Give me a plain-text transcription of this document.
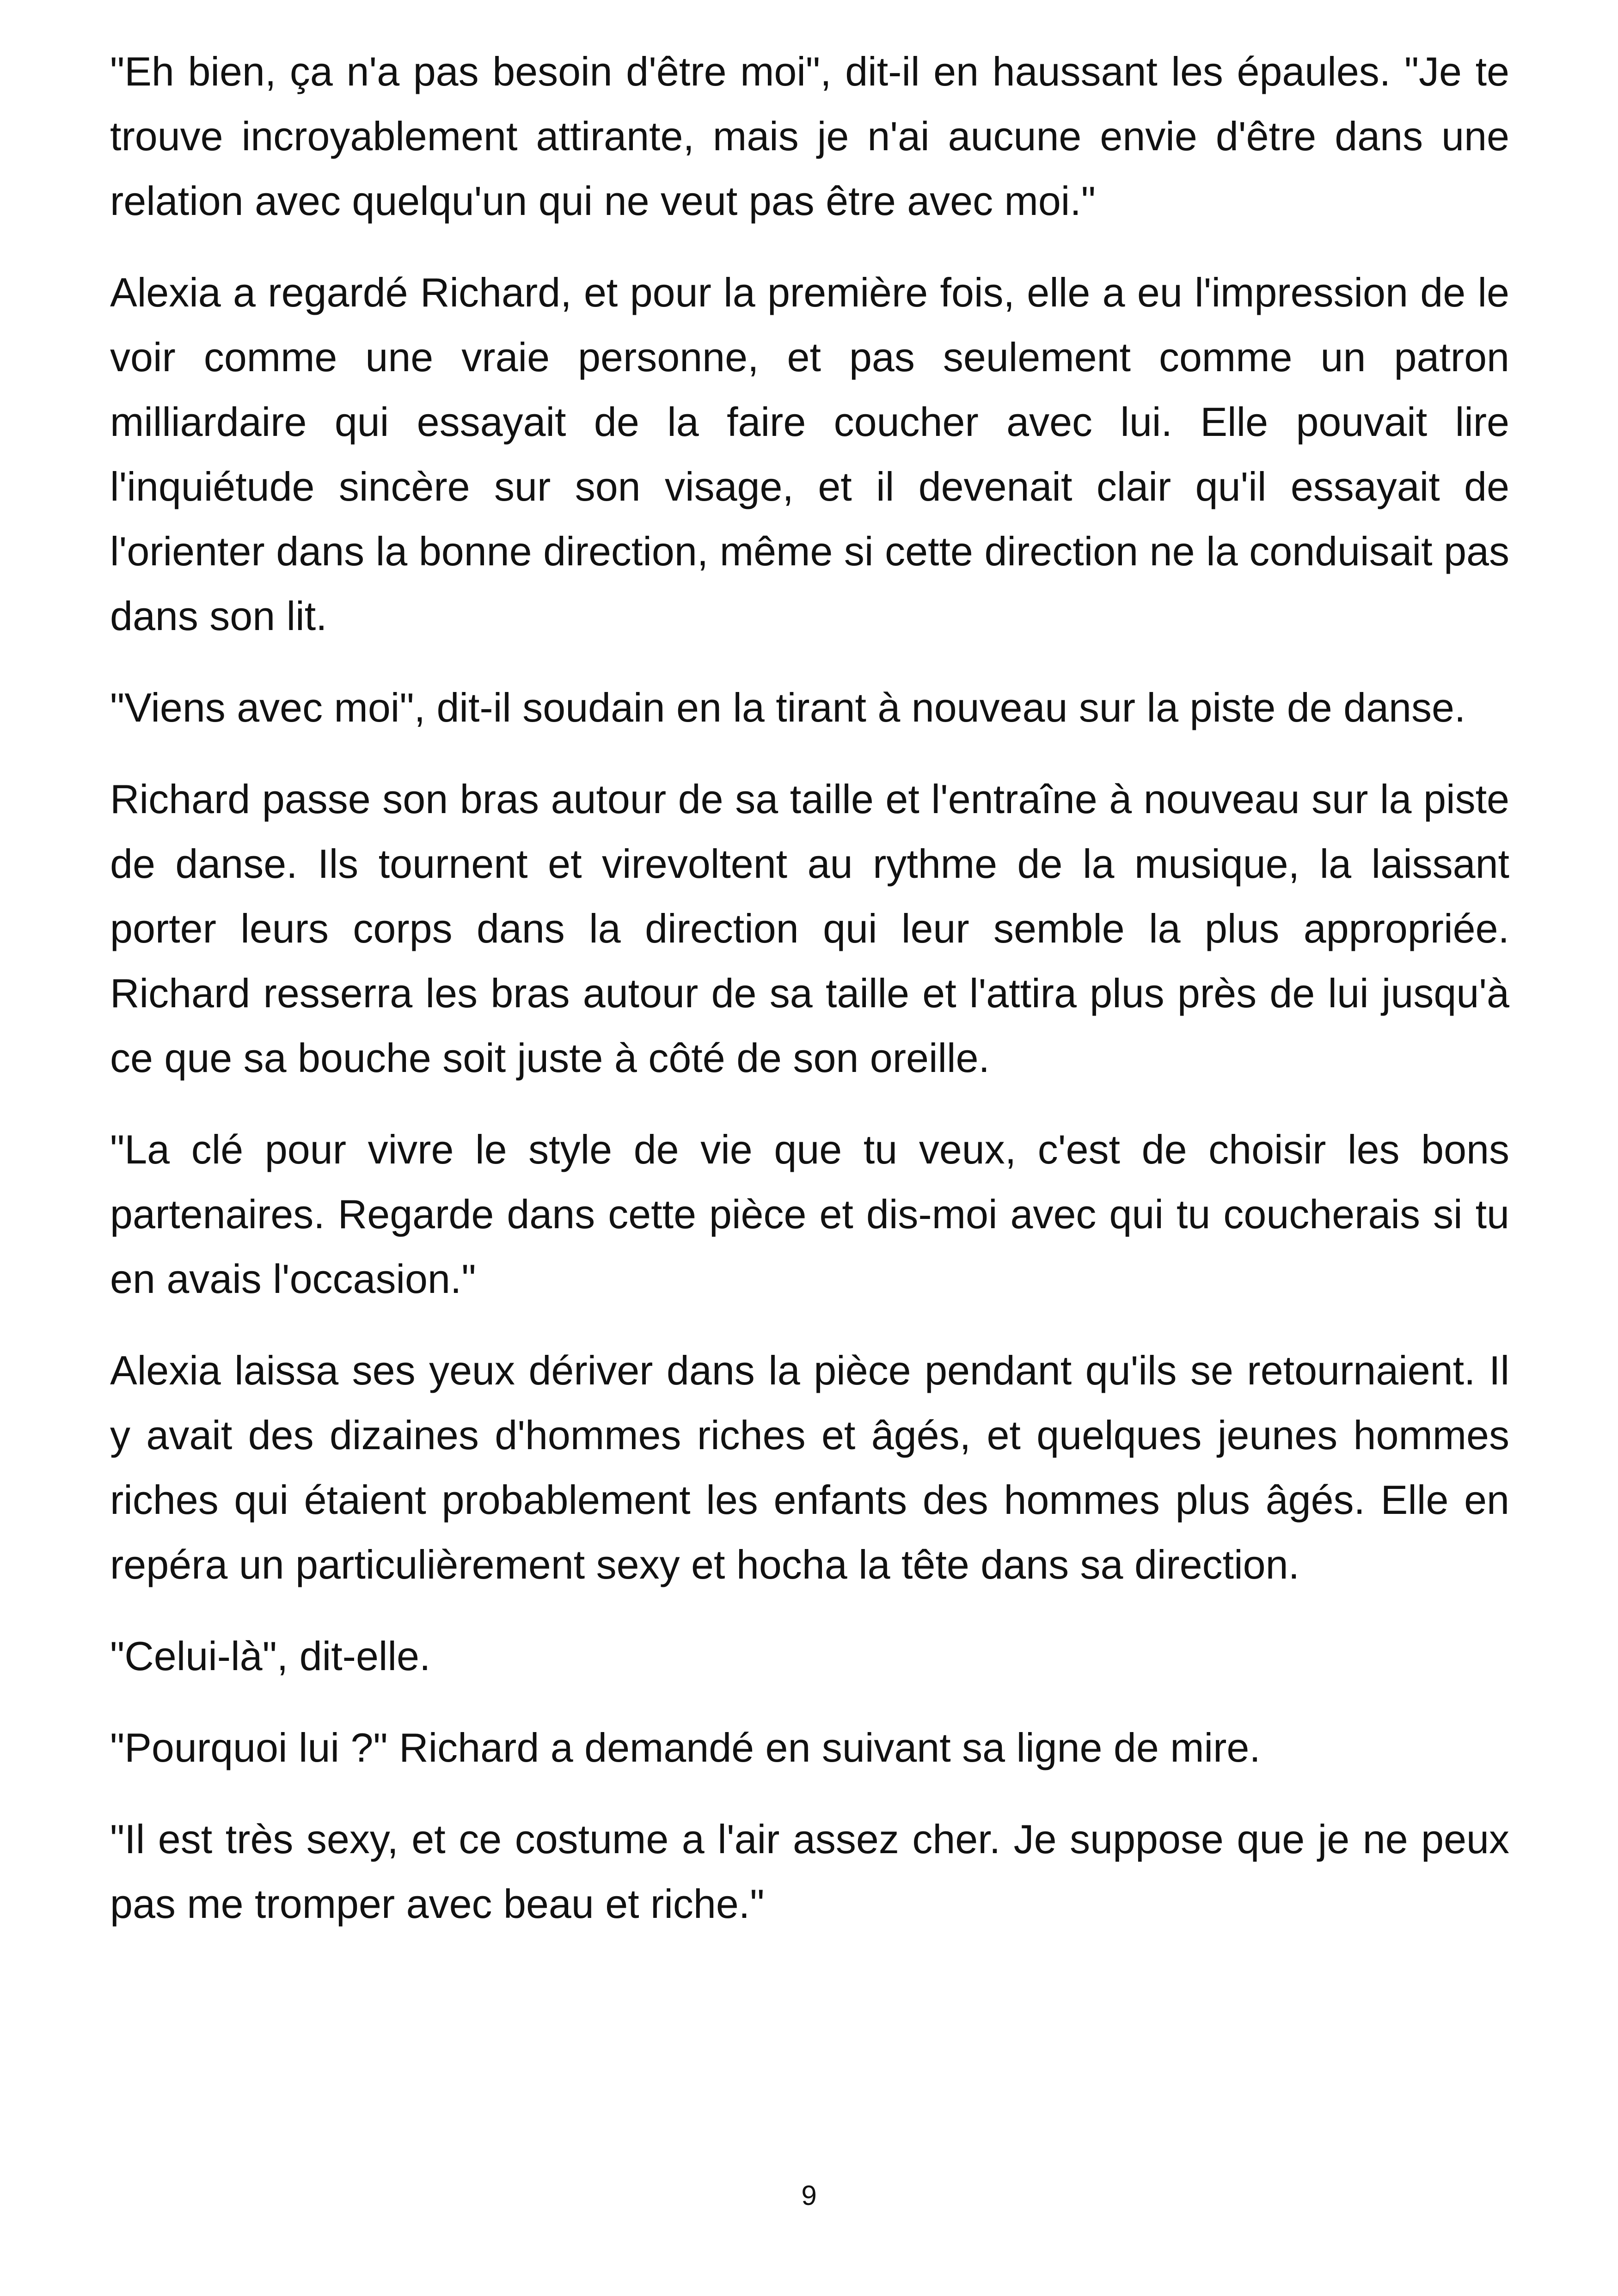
"Eh bien, ça n'a pas besoin d'être moi", dit-il en haussant les épaules. "Je te trouve incroyablement attirante, mais je n'ai aucune envie d'être dans une relation avec quelqu'un qui ne veut pas être avec moi."

Alexia a regardé Richard, et pour la première fois, elle a eu l'impression de le voir comme une vraie personne, et pas seulement comme un patron milliardaire qui essayait de la faire coucher avec lui. Elle pouvait lire l'inquiétude sincère sur son visage, et il devenait clair qu'il essayait de l'orienter dans la bonne direction, même si cette direction ne la conduisait pas dans son lit.

"Viens avec moi", dit-il soudain en la tirant à nouveau sur la piste de danse.

Richard passe son bras autour de sa taille et l'entraîne à nouveau sur la piste de danse. Ils tournent et virevoltent au rythme de la musique, la laissant porter leurs corps dans la direction qui leur semble la plus appropriée. Richard resserra les bras autour de sa taille et l'attira plus près de lui jusqu'à ce que sa bouche soit juste à côté de son oreille.

"La clé pour vivre le style de vie que tu veux, c'est de choisir les bons partenaires. Regarde dans cette pièce et dis-moi avec qui tu coucherais si tu en avais l'occasion."

Alexia laissa ses yeux dériver dans la pièce pendant qu'ils se retournaient. Il y avait des dizaines d'hommes riches et âgés, et quelques jeunes hommes riches qui étaient probablement les enfants des hommes plus âgés. Elle en repéra un particulièrement sexy et hocha la tête dans sa direction.

"Celui-là", dit-elle.

"Pourquoi lui ?" Richard a demandé en suivant sa ligne de mire.

"Il est très sexy, et ce costume a l'air assez cher. Je suppose que je ne peux pas me tromper avec beau et riche."

9
